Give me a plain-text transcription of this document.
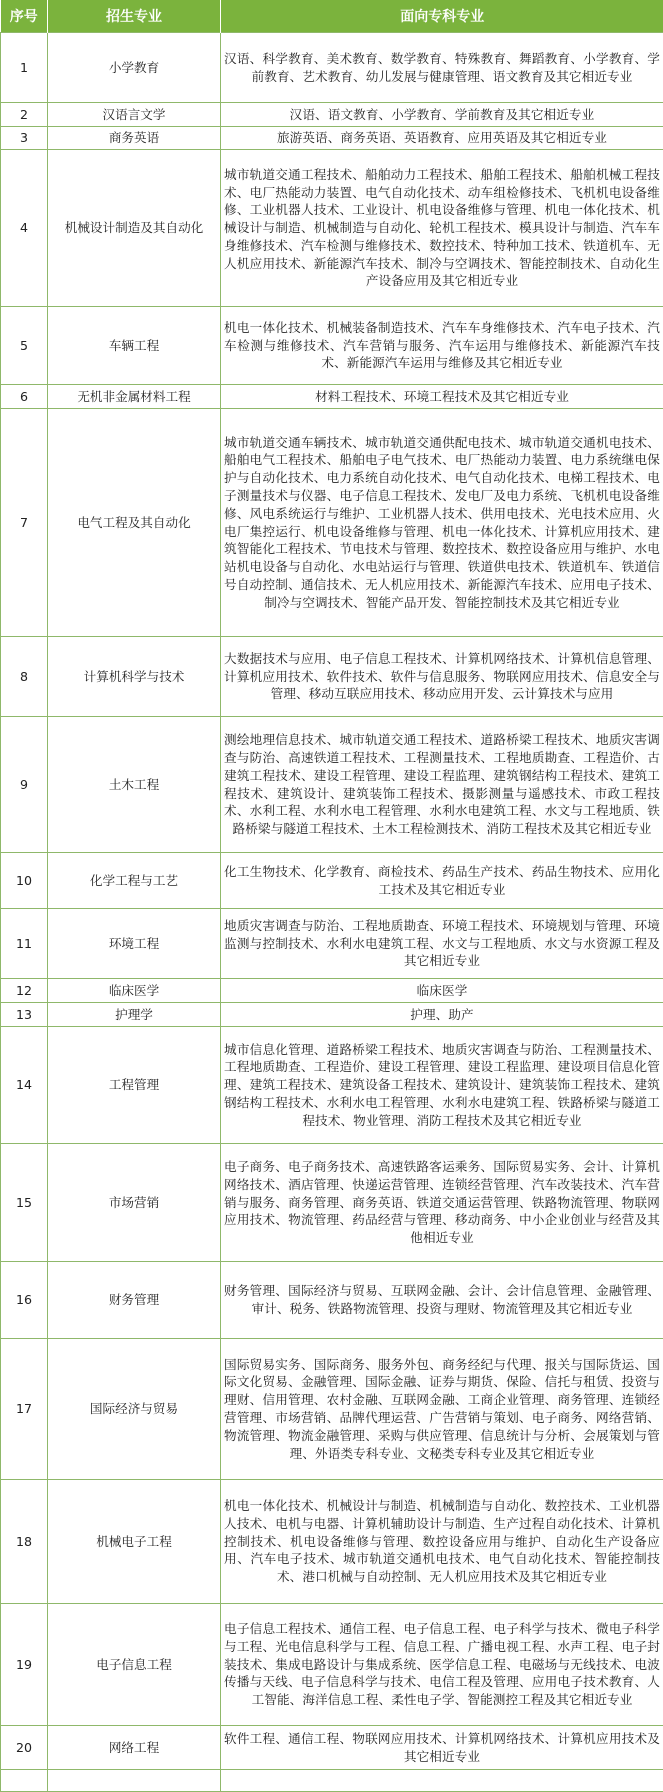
序号	招生专业	面向专科专业
1	小学教育	汉语、科学教育、美术教育、数学教育、特殊教育、舞蹈教育、小学教育、学前教育、艺术教育、幼儿发展与健康管理、语文教育及其它相近专业
2	汉语言文学	汉语、语文教育、小学教育、学前教育及其它相近专业
3	商务英语	旅游英语、商务英语、英语教育、应用英语及其它相近专业
4	机械设计制造及其自动化	城市轨道交通工程技术、船舶动力工程技术、船舶工程技术、船舶机械工程技术、电厂热能动力装置、电气自动化技术、动车组检修技术、飞机机电设备维修、工业机器人技术、工业设计、机电设备维修与管理、机电一体化技术、机械设计与制造、机械制造与自动化、轮机工程技术、模具设计与制造、汽车车身维修技术、汽车检测与维修技术、数控技术、特种加工技术、铁道机车、无人机应用技术、新能源汽车技术、制冷与空调技术、智能控制技术、自动化生产设备应用及其它相近专业
5	车辆工程	机电一体化技术、机械装备制造技术、汽车车身维修技术、汽车电子技术、汽车检测与维修技术、汽车营销与服务、汽车运用与维修技术、新能源汽车技术、新能源汽车运用与维修及其它相近专业
6	无机非金属材料工程	材料工程技术、环境工程技术及其它相近专业
7	电气工程及其自动化	城市轨道交通车辆技术、城市轨道交通供配电技术、城市轨道交通机电技术、船舶电气工程技术、船舶电子电气技术、电厂热能动力装置、电力系统继电保护与自动化技术、电力系统自动化技术、电气自动化技术、电梯工程技术、电子测量技术与仪器、电子信息工程技术、发电厂及电力系统、飞机机电设备维修、风电系统运行与维护、工业机器人技术、供用电技术、光电技术应用、火电厂集控运行、机电设备维修与管理、机电一体化技术、计算机应用技术、建筑智能化工程技术、节电技术与管理、数控技术、数控设备应用与维护、水电站机电设备与自动化、水电站运行与管理、铁道供电技术、铁道机车、铁道信号自动控制、通信技术、无人机应用技术、新能源汽车技术、应用电子技术、制冷与空调技术、智能产品开发、智能控制技术及其它相近专业
8	计算机科学与技术	大数据技术与应用、电子信息工程技术、计算机网络技术、计算机信息管理、计算机应用技术、软件技术、软件与信息服务、物联网应用技术、信息安全与管理、移动互联应用技术、移动应用开发、云计算技术与应用
9	土木工程	测绘地理信息技术、城市轨道交通工程技术、道路桥梁工程技术、地质灾害调查与防治、高速铁道工程技术、工程测量技术、工程地质勘查、工程造价、古建筑工程技术、建设工程管理、建设工程监理、建筑钢结构工程技术、建筑工程技术、建筑设计、建筑装饰工程技术、摄影测量与遥感技术、市政工程技术、水利工程、水利水电工程管理、水利水电建筑工程、水文与工程地质、铁路桥梁与隧道工程技术、土木工程检测技术、消防工程技术及其它相近专业
10	化学工程与工艺	化工生物技术、化学教育、商检技术、药品生产技术、药品生物技术、应用化工技术及其它相近专业
11	环境工程	地质灾害调查与防治、工程地质勘查、环境工程技术、环境规划与管理、环境监测与控制技术、水利水电建筑工程、水文与工程地质、水文与水资源工程及其它相近专业
12	临床医学	临床医学
13	护理学	护理、助产
14	工程管理	城市信息化管理、道路桥梁工程技术、地质灾害调查与防治、工程测量技术、工程地质勘查、工程造价、建设工程管理、建设工程监理、建设项目信息化管理、建筑工程技术、建筑设备工程技术、建筑设计、建筑装饰工程技术、建筑钢结构工程技术、水利水电工程管理、水利水电建筑工程、铁路桥梁与隧道工程技术、物业管理、消防工程技术及其它相近专业
15	市场营销	电子商务、电子商务技术、高速铁路客运乘务、国际贸易实务、会计、计算机网络技术、酒店管理、快递运营管理、连锁经营管理、汽车改装技术、汽车营销与服务、商务管理、商务英语、铁道交通运营管理、铁路物流管理、物联网应用技术、物流管理、药品经营与管理、移动商务、中小企业创业与经营及其他相近专业
16	财务管理	财务管理、国际经济与贸易、互联网金融、会计、会计信息管理、金融管理、审计、税务、铁路物流管理、投资与理财、物流管理及其它相近专业
17	国际经济与贸易	国际贸易实务、国际商务、服务外包、商务经纪与代理、报关与国际货运、国际文化贸易、金融管理、国际金融、证券与期货、保险、信托与租赁、投资与理财、信用管理、农村金融、互联网金融、工商企业管理、商务管理、连锁经营管理、市场营销、品牌代理运营、广告营销与策划、电子商务、网络营销、物流管理、物流金融管理、采购与供应管理、信息统计与分析、会展策划与管理、外语类专科专业、文秘类专科专业及其它相近专业
18	机械电子工程	机电一体化技术、机械设计与制造、机械制造与自动化、数控技术、工业机器人技术、电机与电器、计算机辅助设计与制造、生产过程自动化技术、计算机控制技术、机电设备维修与管理、数控设备应用与维护、自动化生产设备应用、汽车电子技术、城市轨道交通机电技术、电气自动化技术、智能控制技术、港口机械与自动控制、无人机应用技术及其它相近专业
19	电子信息工程	电子信息工程技术、通信工程、电子信息工程、电子科学与技术、微电子科学与工程、光电信息科学与工程、信息工程、广播电视工程、水声工程、电子封装技术、集成电路设计与集成系统、医学信息工程、电磁场与无线技术、电波传播与天线、电子信息科学与技术、电信工程及管理、应用电子技术教育、人工智能、海洋信息工程、柔性电子学、智能测控工程及其它相近专业
20	网络工程	软件工程、通信工程、物联网应用技术、计算机网络技术、计算机应用技术及其它相近专业
